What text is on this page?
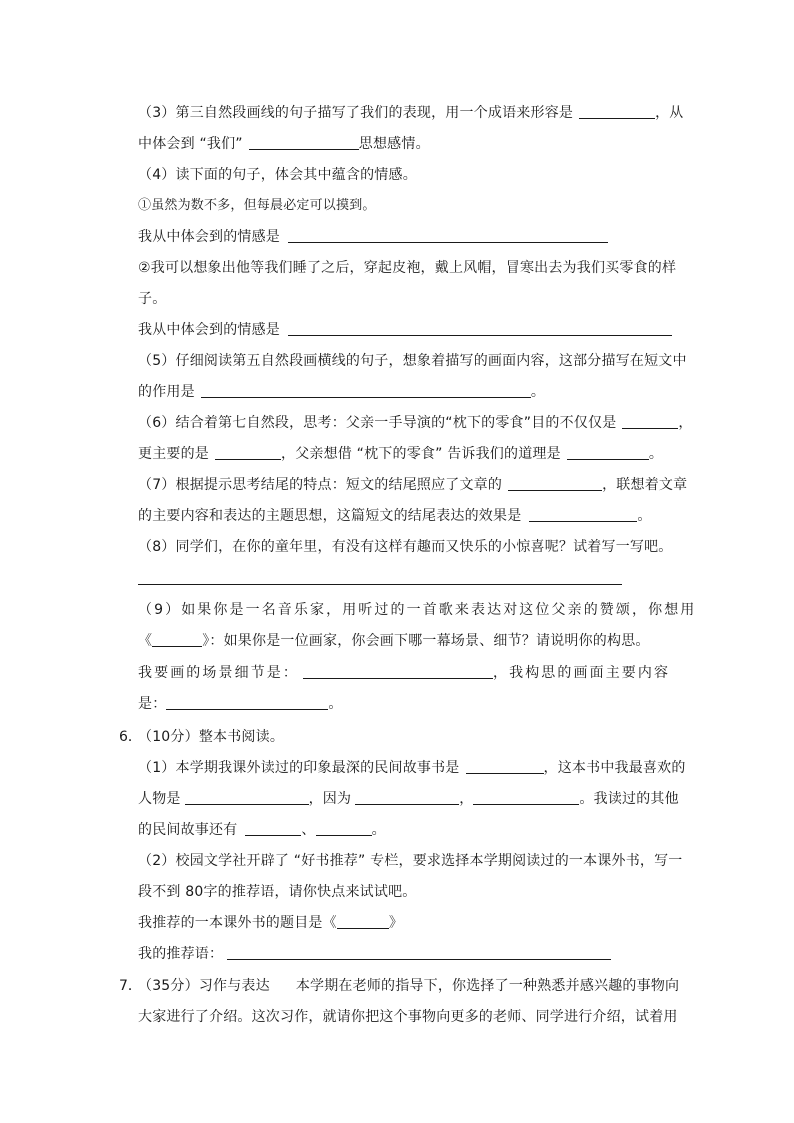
（3）第三自然段画线的句子描写了我们的表现，用一个成语来形容是	，从
中体会到 “我们”	思想感情。
（4）读下面的句子，体会其中蕴含的情感。
①虽然为数不多，但每晨必定可以摸到。
我从中体会到的情感是
②我可以想象出他等我们睡了之后，穿起皮袍，戴上风帽，冒寒出去为我们买零食的样
子。
我从中体会到的情感是
（5）仔细阅读第五自然段画横线的句子，想象着描写的画面内容，这部分描写在短文中
的作用是	。
（6）结合着第七自然段，思考：父亲一手导演的“枕下的零食”目的不仅仅是	，
更主要的是	，父亲想借 “枕下的零食” 告诉我们的道理是	。
（7）根据提示思考结尾的特点：短文的结尾照应了文章的	，联想着文章
的主要内容和表达的主题思想，这篇短文的结尾表达的效果是	。
（8）同学们，在你的童年里，有没有这样有趣而又快乐的小惊喜呢？试着写一写吧。
（9）如果你是一名音乐家，用听过的一首歌来表达对这位父亲的赞颂，你想用
《	》：如果你是一位画家，你会画下哪一幕场景、细节？请说明你的构思。
我要画的场景细节是：	，我构思的画面主要内容
是：	。
6．
（10分）整本书阅读。
（1）本学期我课外读过的印象最深的民间故事书是	，这本书中我最喜欢的
人物是	，因为	，	。我读过的其他
的民间故事还有	、	。
（2）校园文学社开辟了 “好书推荐” 专栏，要求选择本学期阅读过的一本课外书，写一
段不到 80字的推荐语，请你快点来试试吧。
我推荐的一本课外书的题目是《	》
我的推荐语：
7．
（35分）习作与表达 本学期在老师的指导下，你选择了一种熟悉并感兴趣的事物向
大家进行了介绍。这次习作，就请你把这个事物向更多的老师、同学进行介绍，试着用
